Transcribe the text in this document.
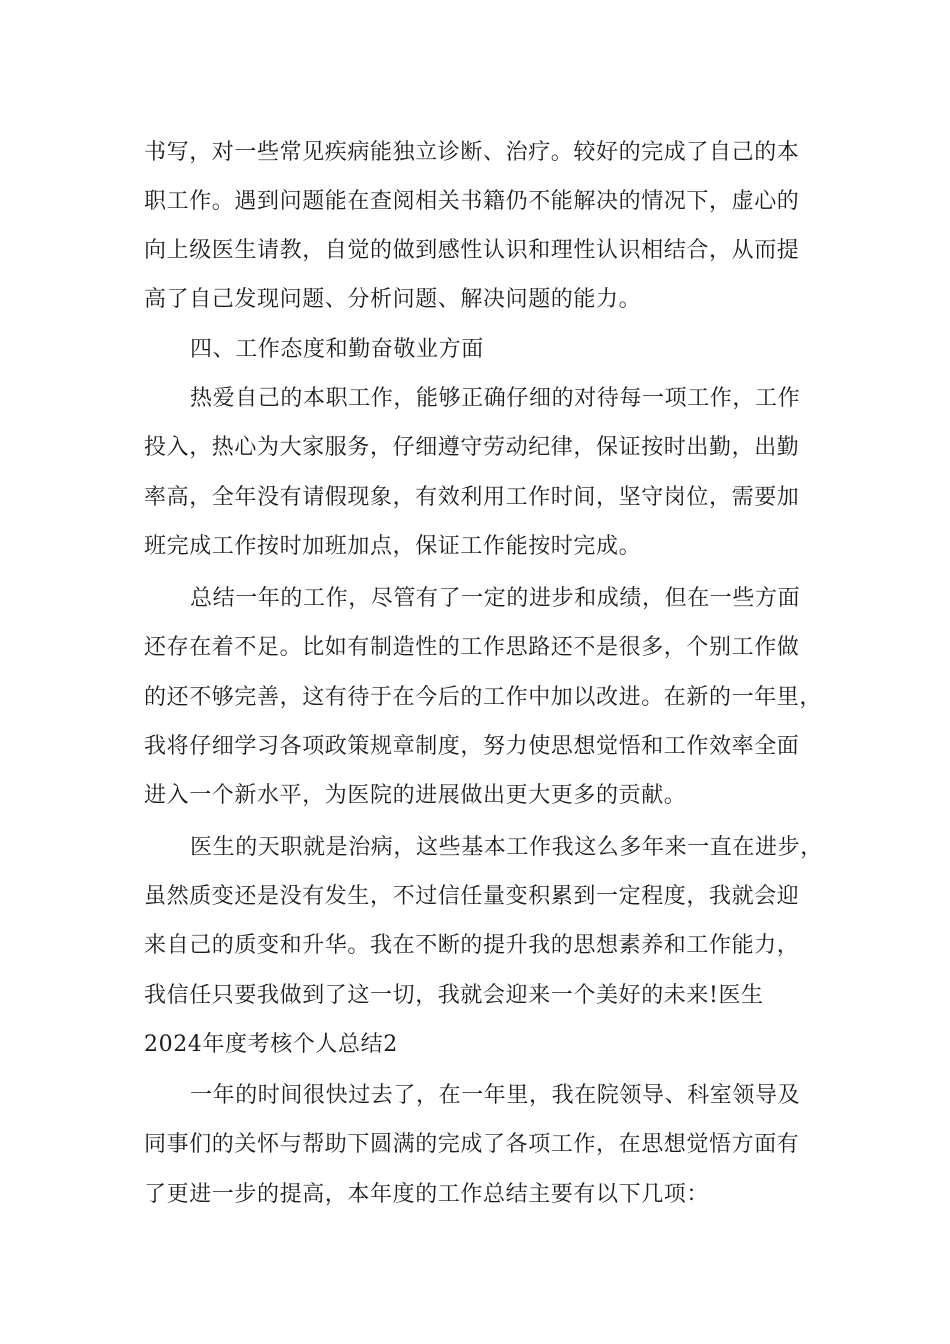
书写，对一些常见疾病能独立诊断、治疗。较好的完成了自己的本
职工作。遇到问题能在查阅相关书籍仍不能解决的情况下，虚心的
向上级医生请教，自觉的做到感性认识和理性认识相结合，从而提
高了自己发现问题、分析问题、解决问题的能力。
四、工作态度和勤奋敬业方面
热爱自己的本职工作，能够正确仔细的对待每一项工作，工作
投入，热心为大家服务，仔细遵守劳动纪律，保证按时出勤，出勤
率高，全年没有请假现象，有效利用工作时间，坚守岗位，需要加
班完成工作按时加班加点，保证工作能按时完成。
总结一年的工作，尽管有了一定的进步和成绩，但在一些方面
还存在着不足。比如有制造性的工作思路还不是很多，个别工作做
的还不够完善，这有待于在今后的工作中加以改进。在新的一年里，
我将仔细学习各项政策规章制度，努力使思想觉悟和工作效率全面
进入一个新水平，为医院的进展做出更大更多的贡献。
医生的天职就是治病，这些基本工作我这么多年来一直在进步，
虽然质变还是没有发生，不过信任量变积累到一定程度，我就会迎
来自己的质变和升华。我在不断的提升我的思想素养和工作能力，
我信任只要我做到了这一切，我就会迎来一个美好的未来!医生
2024年度考核个人总结2
一年的时间很快过去了，在一年里，我在院领导、科室领导及
同事们的关怀与帮助下圆满的完成了各项工作，在思想觉悟方面有
了更进一步的提高，本年度的工作总结主要有以下几项：
